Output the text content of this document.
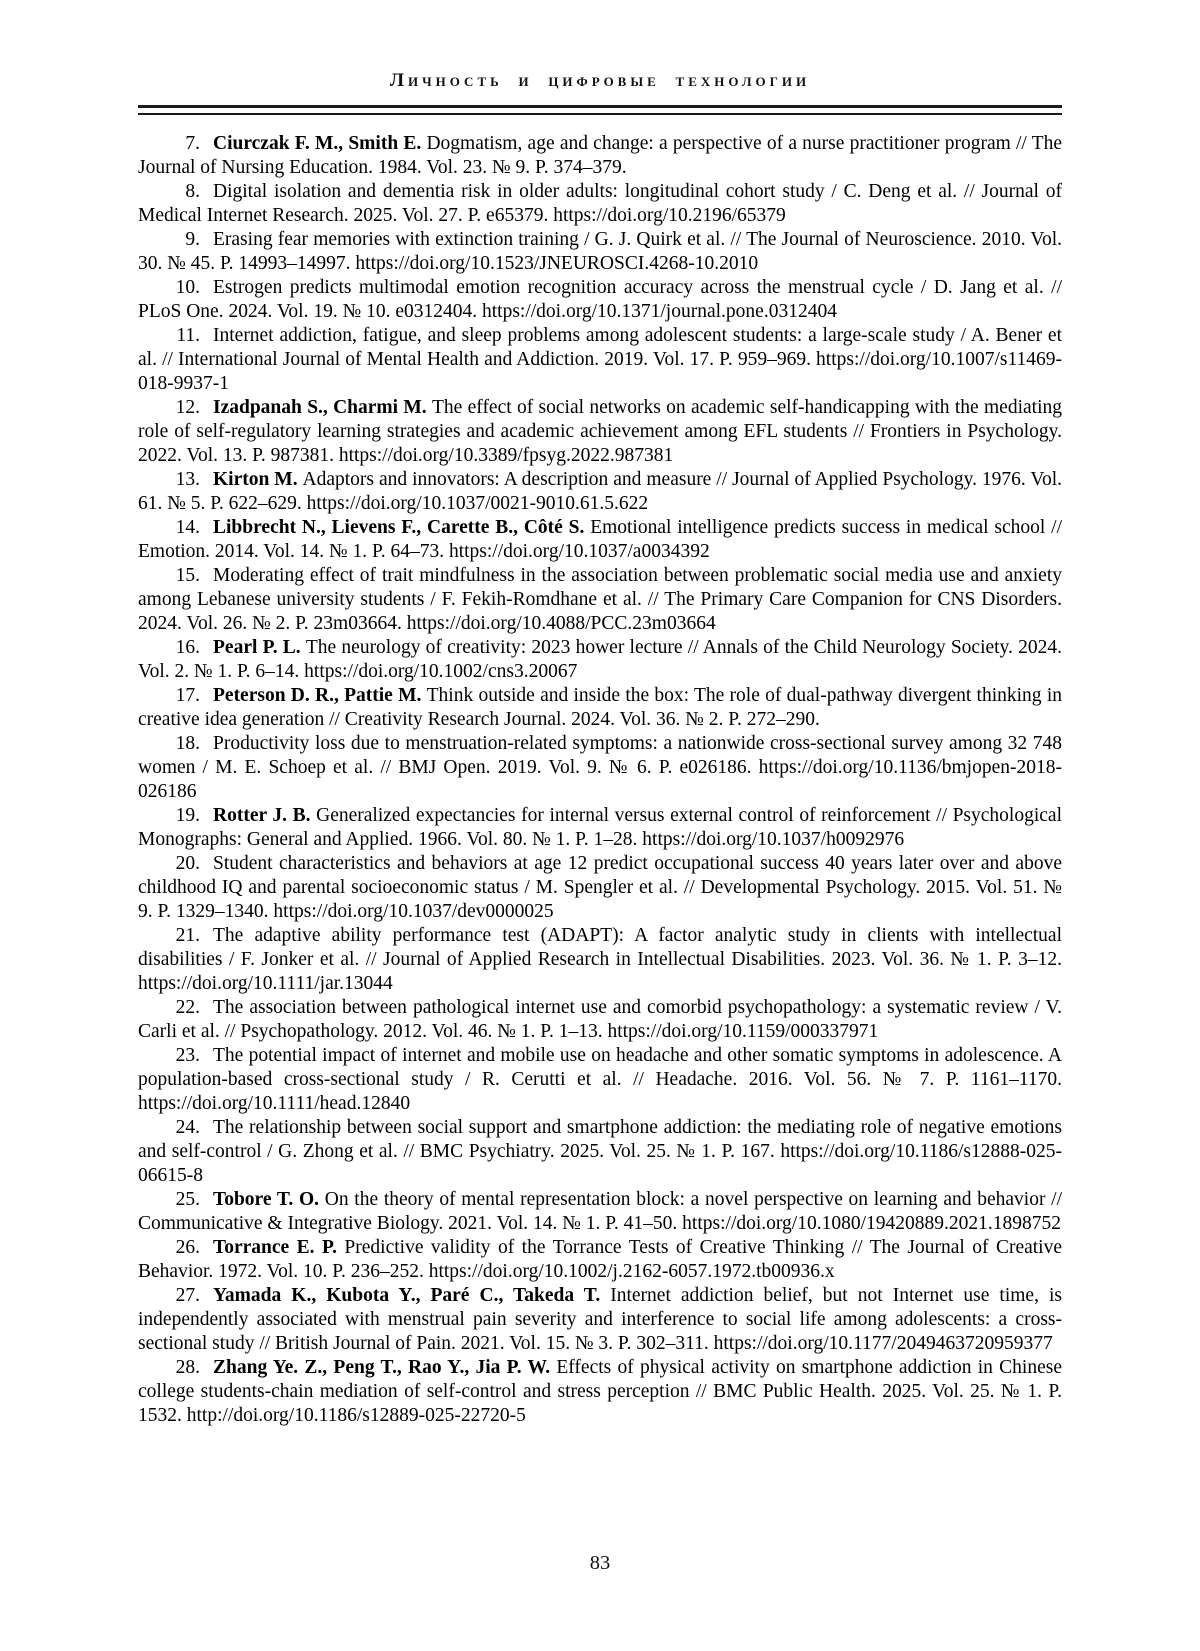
Личность и цифровые технологии

7. Ciurczak F. M., Smith E. Dogmatism, age and change: a perspective of a nurse practitioner program // The Journal of Nursing Education. 1984. Vol. 23. № 9. P. 374–379.

8. Digital isolation and dementia risk in older adults: longitudinal cohort study / C. Deng et al. // Journal of Medical Internet Research. 2025. Vol. 27. P. e65379. https://doi.org/10.2196/65379

9. Erasing fear memories with extinction training / G. J. Quirk et al. // The Journal of Neuroscience. 2010. Vol. 30. № 45. P. 14993–14997. https://doi.org/10.1523/JNEUROSCI.4268-10.2010

10. Estrogen predicts multimodal emotion recognition accuracy across the menstrual cycle / D. Jang et al. // PLoS One. 2024. Vol. 19. № 10. e0312404. https://doi.org/10.1371/journal.pone.0312404

11. Internet addiction, fatigue, and sleep problems among adolescent students: a large-scale study / A. Bener et al. // International Journal of Mental Health and Addiction. 2019. Vol. 17. P. 959–969. https://doi.org/10.1007/s11469-018-9937-1

12. Izadpanah S., Charmi M. The effect of social networks on academic self-handicapping with the mediating role of self-regulatory learning strategies and academic achievement among EFL students // Frontiers in Psychology. 2022. Vol. 13. P. 987381. https://doi.org/10.3389/fpsyg.2022.987381

13. Kirton M. Adaptors and innovators: A description and measure // Journal of Applied Psychology. 1976. Vol. 61. № 5. P. 622–629. https://doi.org/10.1037/0021-9010.61.5.622

14. Libbrecht N., Lievens F., Carette B., Côté S. Emotional intelligence predicts success in medical school // Emotion. 2014. Vol. 14. № 1. P. 64–73. https://doi.org/10.1037/a0034392

15. Moderating effect of trait mindfulness in the association between problematic social media use and anxiety among Lebanese university students / F. Fekih-Romdhane et al. // The Primary Care Companion for CNS Disorders. 2024. Vol. 26. № 2. P. 23m03664. https://doi.org/10.4088/PCC.23m03664

16. Pearl P. L. The neurology of creativity: 2023 hower lecture // Annals of the Child Neurology Society. 2024. Vol. 2. № 1. P. 6–14. https://doi.org/10.1002/cns3.20067

17. Peterson D. R., Pattie M. Think outside and inside the box: The role of dual-pathway divergent thinking in creative idea generation // Creativity Research Journal. 2024. Vol. 36. № 2. P. 272–290.

18. Productivity loss due to menstruation-related symptoms: a nationwide cross-sectional survey among 32 748 women / M. E. Schoep et al. // BMJ Open. 2019. Vol. 9. № 6. P. e026186. https://doi.org/10.1136/bmjopen-2018-026186

19. Rotter J. B. Generalized expectancies for internal versus external control of reinforcement // Psychological Monographs: General and Applied. 1966. Vol. 80. № 1. P. 1–28. https://doi.org/10.1037/h0092976

20. Student characteristics and behaviors at age 12 predict occupational success 40 years later over and above childhood IQ and parental socioeconomic status / M. Spengler et al. // Developmental Psychology. 2015. Vol. 51. № 9. P. 1329–1340. https://doi.org/10.1037/dev0000025

21. The adaptive ability performance test (ADAPT): A factor analytic study in clients with intellectual disabilities / F. Jonker et al. // Journal of Applied Research in Intellectual Disabilities. 2023. Vol. 36. № 1. P. 3–12. https://doi.org/10.1111/jar.13044

22. The association between pathological internet use and comorbid psychopathology: a systematic review / V. Carli et al. // Psychopathology. 2012. Vol. 46. № 1. P. 1–13. https://doi.org/10.1159/000337971

23. The potential impact of internet and mobile use on headache and other somatic symptoms in adolescence. A population-based cross-sectional study / R. Cerutti et al. // Headache. 2016. Vol. 56. № 7. P. 1161–1170. https://doi.org/10.1111/head.12840

24. The relationship between social support and smartphone addiction: the mediating role of negative emotions and self-control / G. Zhong et al. // BMC Psychiatry. 2025. Vol. 25. № 1. P. 167. https://doi.org/10.1186/s12888-025-06615-8

25. Tobore T. O. On the theory of mental representation block: a novel perspective on learning and behavior // Communicative & Integrative Biology. 2021. Vol. 14. № 1. P. 41–50. https://doi.org/10.1080/19420889.2021.1898752

26. Torrance E. P. Predictive validity of the Torrance Tests of Creative Thinking // The Journal of Creative Behavior. 1972. Vol. 10. P. 236–252. https://doi.org/10.1002/j.2162-6057.1972.tb00936.x

27. Yamada K., Kubota Y., Paré C., Takeda T. Internet addiction belief, but not Internet use time, is independently associated with menstrual pain severity and interference to social life among adolescents: a cross-sectional study // British Journal of Pain. 2021. Vol. 15. № 3. P. 302–311. https://doi.org/10.1177/2049463720959377

28. Zhang Ye. Z., Peng T., Rao Y., Jia P. W. Effects of physical activity on smartphone addiction in Chinese college students-chain mediation of self-control and stress perception // BMC Public Health. 2025. Vol. 25. № 1. P. 1532. http://doi.org/10.1186/s12889-025-22720-5

83
